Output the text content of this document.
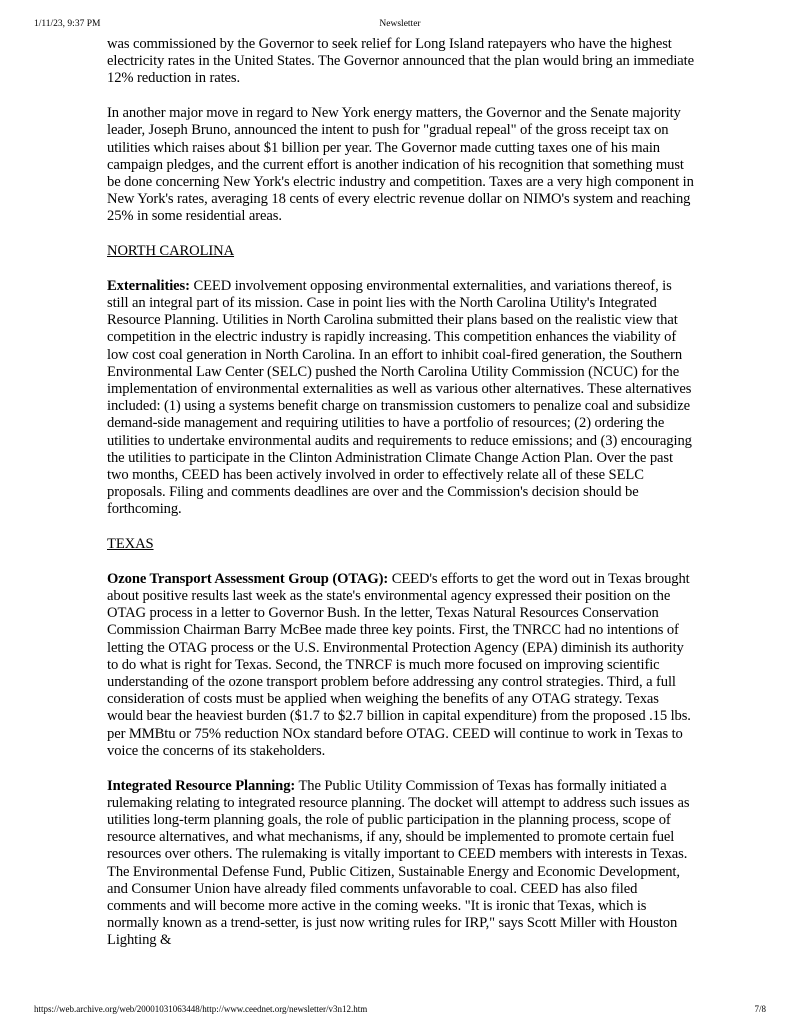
1/11/23, 9:37 PM	Newsletter

was commissioned by the Governor to seek relief for Long Island ratepayers who have the highest electricity rates in the United States. The Governor announced that the plan would bring an immediate 12% reduction in rates.

In another major move in regard to New York energy matters, the Governor and the Senate majority leader, Joseph Bruno, announced the intent to push for "gradual repeal" of the gross receipt tax on utilities which raises about $1 billion per year. The Governor made cutting taxes one of his main campaign pledges, and the current effort is another indication of his recognition that something must be done concerning New York's electric industry and competition. Taxes are a very high component in New York's rates, averaging 18 cents of every electric revenue dollar on NIMO's system and reaching 25% in some residential areas.

NORTH CAROLINA

Externalities: CEED involvement opposing environmental externalities, and variations thereof, is still an integral part of its mission. Case in point lies with the North Carolina Utility's Integrated Resource Planning. Utilities in North Carolina submitted their plans based on the realistic view that competition in the electric industry is rapidly increasing. This competition enhances the viability of low cost coal generation in North Carolina. In an effort to inhibit coal-fired generation, the Southern Environmental Law Center (SELC) pushed the North Carolina Utility Commission (NCUC) for the implementation of environmental externalities as well as various other alternatives. These alternatives included: (1) using a systems benefit charge on transmission customers to penalize coal and subsidize demand-side management and requiring utilities to have a portfolio of resources; (2) ordering the utilities to undertake environmental audits and requirements to reduce emissions; and (3) encouraging the utilities to participate in the Clinton Administration Climate Change Action Plan. Over the past two months, CEED has been actively involved in order to effectively relate all of these SELC proposals. Filing and comments deadlines are over and the Commission's decision should be forthcoming.

TEXAS

Ozone Transport Assessment Group (OTAG): CEED's efforts to get the word out in Texas brought about positive results last week as the state's environmental agency expressed their position on the OTAG process in a letter to Governor Bush. In the letter, Texas Natural Resources Conservation Commission Chairman Barry McBee made three key points. First, the TNRCC had no intentions of letting the OTAG process or the U.S. Environmental Protection Agency (EPA) diminish its authority to do what is right for Texas. Second, the TNRCF is much more focused on improving scientific understanding of the ozone transport problem before addressing any control strategies. Third, a full consideration of costs must be applied when weighing the benefits of any OTAG strategy. Texas would bear the heaviest burden ($1.7 to $2.7 billion in capital expenditure) from the proposed .15 lbs. per MMBtu or 75% reduction NOx standard before OTAG. CEED will continue to work in Texas to voice the concerns of its stakeholders.

Integrated Resource Planning: The Public Utility Commission of Texas has formally initiated a rulemaking relating to integrated resource planning. The docket will attempt to address such issues as utilities long-term planning goals, the role of public participation in the planning process, scope of resource alternatives, and what mechanisms, if any, should be implemented to promote certain fuel resources over others. The rulemaking is vitally important to CEED members with interests in Texas. The Environmental Defense Fund, Public Citizen, Sustainable Energy and Economic Development, and Consumer Union have already filed comments unfavorable to coal. CEED has also filed comments and will become more active in the coming weeks. "It is ironic that Texas, which is normally known as a trend-setter, is just now writing rules for IRP," says Scott Miller with Houston Lighting &

https://web.archive.org/web/20001031063448/http://www.ceednet.org/newsletter/v3n12.htm	7/8
